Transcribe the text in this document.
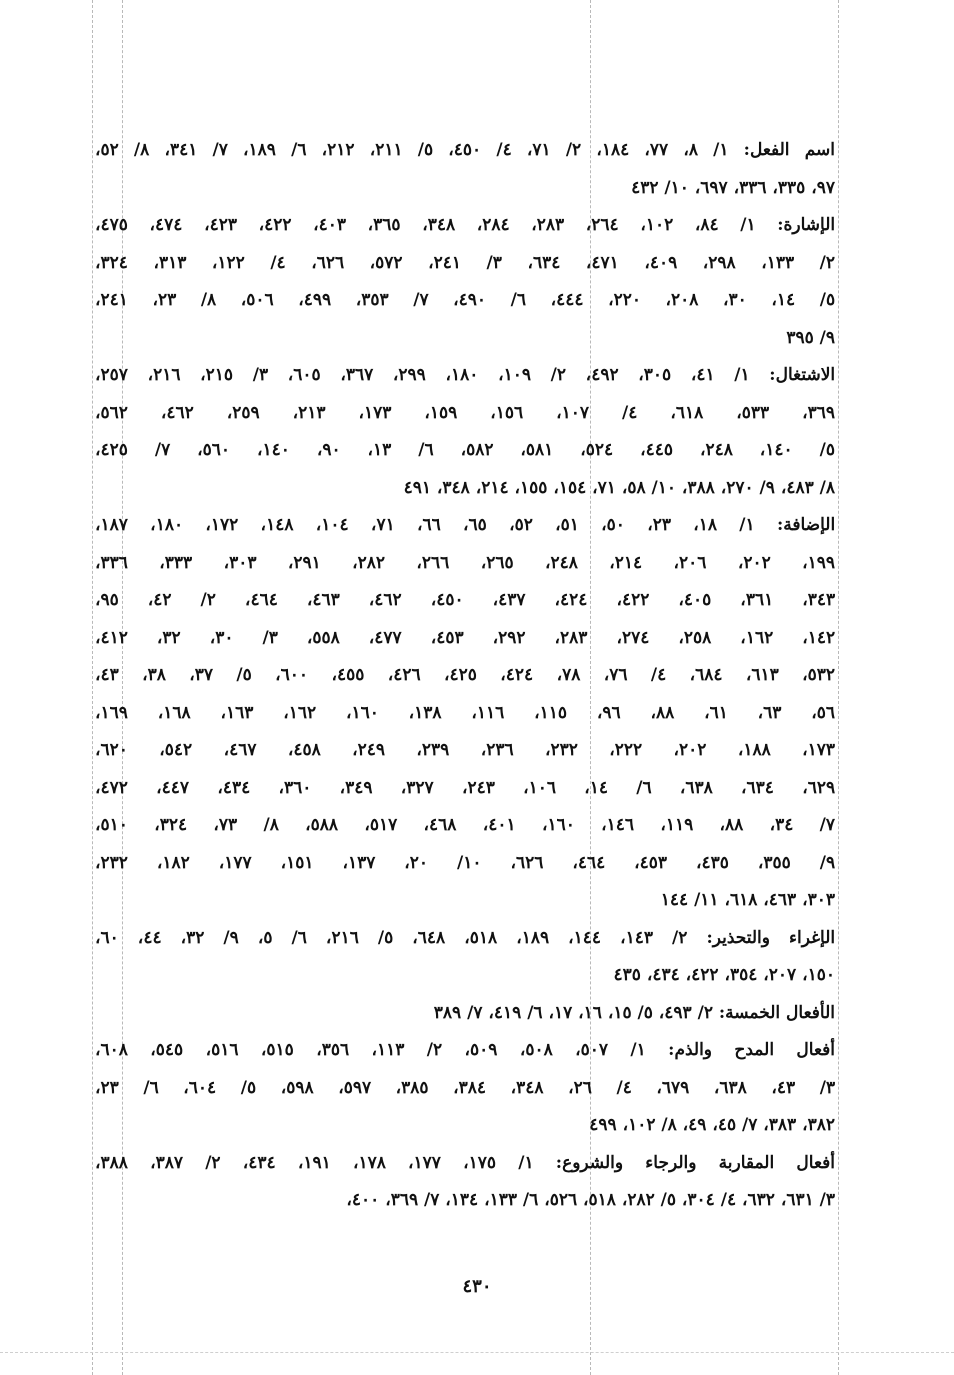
اسم الفعل: ١/ ٨، ٧٧، ١٨٤، ٢/ ٧١، ٤/ ٤٥٠، ٥/ ٢١١، ٢١٢، ٦/ ١٨٩، ٧/ ٣٤١، ٨/ ٥٢،
٩٧، ٣٣٥، ٣٣٦، ٦٩٧، ١٠/ ٤٣٢
الإشارة: ١/ ٨٤، ١٠٢، ٢٦٤، ٢٨٣، ٢٨٤، ٣٤٨، ٣٦٥، ٤٠٣، ٤٢٢، ٤٢٣، ٤٧٤، ٤٧٥،
٢/ ١٣٣، ٢٩٨، ٤٠٩، ٤٧١، ٦٣٤، ٣/ ٢٤١، ٥٧٢، ٦٢٦، ٤/ ١٢٢، ٣١٣، ٣٢٤،
٥/ ١٤، ٣٠، ٢٠٨، ٢٢٠، ٤٤٤، ٦/ ٤٩٠، ٧/ ٣٥٣، ٤٩٩، ٥٠٦، ٨/ ٢٣، ٢٤١،
٩/ ٣٩٥
الاشتغال: ١/ ٤١، ٣٠٥، ٤٩٢، ٢/ ١٠٩، ١٨٠، ٢٩٩، ٣٦٧، ٦٠٥، ٣/ ٢١٥، ٢١٦، ٢٥٧،
٣٦٩، ٥٣٣، ٦١٨، ٤/ ١٠٧، ١٥٦، ١٥٩، ١٧٣، ٢١٣، ٢٥٩، ٤٦٢، ٥٦٢،
٥/ ١٤٠، ٢٤٨، ٤٤٥، ٥٢٤، ٥٨١، ٥٨٢، ٦/ ١٣، ٩٠، ١٤٠، ٥٦٠، ٧/ ٤٢٥،
٨/ ٤٨٣، ٩/ ٢٧٠، ٣٨٨، ١٠/ ٥٨، ٧١، ١٥٤، ١٥٥، ٢١٤، ٣٤٨، ٤٩١
الإضافة: ١/ ١٨، ٢٣، ٥٠، ٥١، ٥٢، ٦٥، ٦٦، ٧١، ١٠٤، ١٤٨، ١٧٢، ١٨٠، ١٨٧،
١٩٩، ٢٠٢، ٢٠٦، ٢١٤، ٢٤٨، ٢٦٥، ٢٦٦، ٢٨٢، ٢٩١، ٣٠٣، ٣٣٣، ٣٣٦،
٣٤٣، ٣٦١، ٤٠٥، ٤٢٢، ٤٢٤، ٤٣٧، ٤٥٠، ٤٦٢، ٤٦٣، ٤٦٤، ٢/ ٤٢، ٩٥،
١٤٢، ١٦٢، ٢٥٨، ٢٧٤، ٢٨٣، ٢٩٢، ٤٥٣، ٤٧٧، ٥٥٨، ٣/ ٣٠، ٣٢، ٤١٢،
٥٣٢، ٦١٣، ٦٨٤، ٤/ ٧٦، ٧٨، ٤٢٤، ٤٢٥، ٤٢٦، ٤٥٥، ٦٠٠، ٥/ ٣٧، ٣٨، ٤٣،
٥٦، ٦٣، ٦١، ٨٨، ٩٦، ١١٥، ١١٦، ١٣٨، ١٦٠، ١٦٢، ١٦٣، ١٦٨، ١٦٩،
١٧٣، ١٨٨، ٢٠٢، ٢٢٢، ٢٣٢، ٢٣٦، ٢٣٩، ٢٤٩، ٤٥٨، ٤٦٧، ٥٤٢، ٦٢٠،
٦٢٩، ٦٣٤، ٦٣٨، ٦/ ١٤، ١٠٦، ٢٤٣، ٣٢٧، ٣٤٩، ٣٦٠، ٤٣٤، ٤٤٧، ٤٧٢،
٧/ ٣٤، ٨٨، ١١٩، ١٤٦، ١٦٠، ٤٠١، ٤٦٨، ٥١٧، ٥٨٨، ٨/ ٧٣، ٣٢٤، ٥١٠،
٩/ ٣٥٥، ٤٣٥، ٤٥٣، ٤٦٤، ٦٢٦، ١٠/ ٢٠، ١٣٧، ١٥١، ١٧٧، ١٨٢، ٢٣٢،
٣٠٣، ٤٦٣، ٦١٨، ١١/ ١٤٤
الإغراء والتحذير: ٢/ ١٤٣، ١٤٤، ١٨٩، ٥١٨، ٦٤٨، ٥/ ٢١٦، ٦/ ٥، ٩/ ٣٢، ٤٤، ٦٠،
١٥٠، ٢٠٧، ٣٥٤، ٤٢٢، ٤٣٤، ٤٣٥
الأفعال الخمسة: ٢/ ٤٩٣، ٥/ ١٥، ١٦، ١٧، ٦/ ٤١٩، ٧/ ٣٨٩
أفعال المدح والذم: ١/ ٥٠٧، ٥٠٨، ٥٠٩، ٢/ ١١٣، ٣٥٦، ٥١٥، ٥١٦، ٥٤٥، ٦٠٨،
٣/ ٤٣، ٦٣٨، ٦٧٩، ٤/ ٢٦، ٣٤٨، ٣٨٤، ٣٨٥، ٥٩٧، ٥٩٨، ٥/ ٦٠٤، ٦/ ٢٣،
٣٨٢، ٣٨٣، ٧/ ٤٥، ٤٩، ٨/ ١٠٢، ٤٩٩
أفعال المقاربة والرجاء والشروع: ١/ ١٧٥، ١٧٧، ١٧٨، ١٩١، ٤٣٤، ٢/ ٣٨٧، ٣٨٨،
٣/ ٦٣١، ٦٣٢، ٤/ ٣٠٤، ٥/ ٢٨٢، ٥١٨، ٥٢٦، ٦/ ١٣٣، ١٣٤، ٧/ ٣٦٩، ٤٠٠،
٤٣٠
